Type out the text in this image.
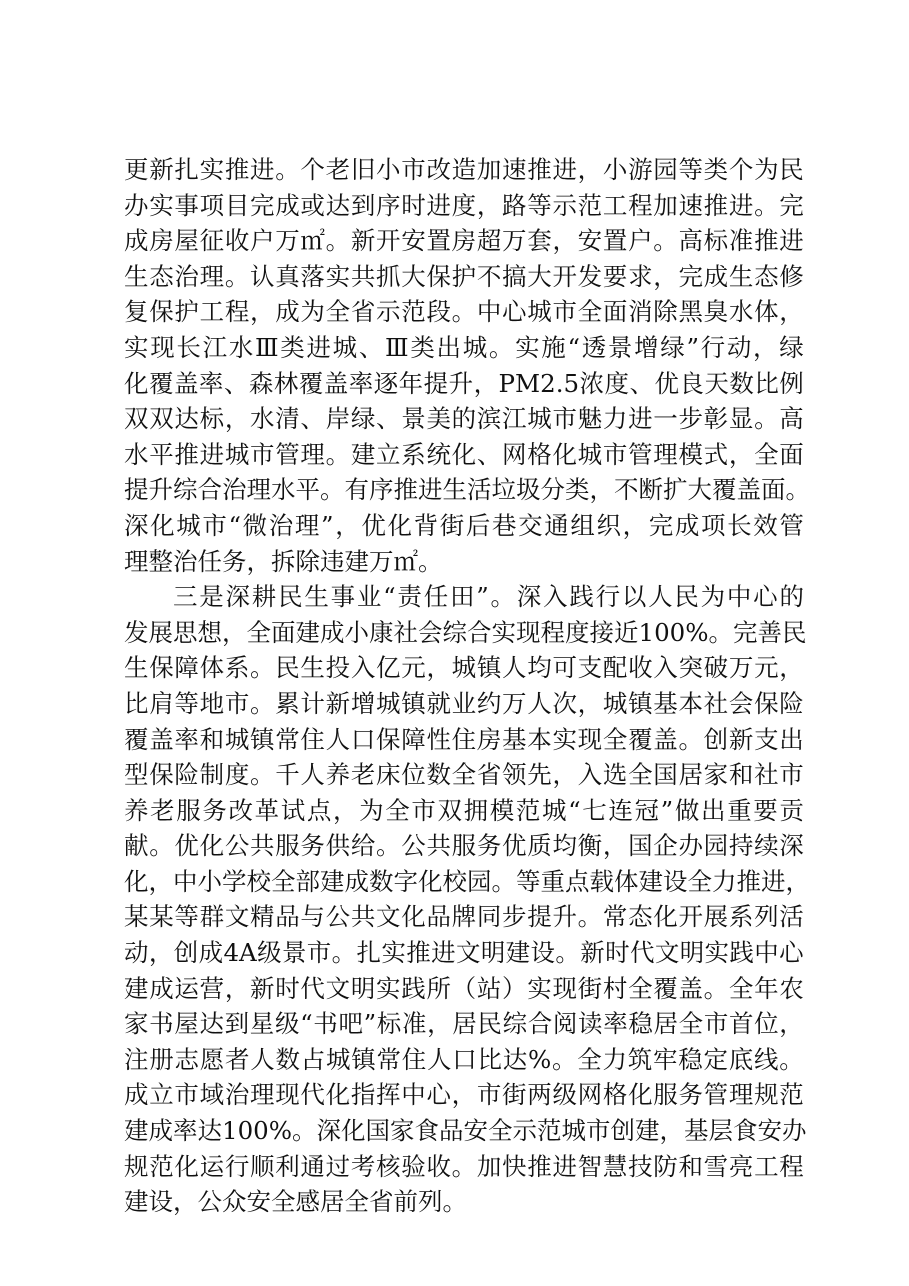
更 新 扎 实 推 进 。 个 老 旧 小 市 改 造 加 速 推 进 ， 小 游 园 等 类 个 为 民
办 实 事 项 目 完 成 或 达 到 序 时 进 度 ， 路 等 示 范 工 程 加 速 推 进 。 完
成 房 屋 征 收 户 万 ㎡ 。 新 开 安 置 房 超 万 套 ， 安 置 户 。 高 标 准 推 进
生 态 治 理 。 认 真 落 实 共 抓 大 保 护 不 搞 大 开 发 要 求 ， 完 成 生 态 修
复 保 护 工 程 ， 成 为 全 省 示 范 段 。 中 心 城 市 全 面 消 除 黑 臭 水 体 ，
实 现 长 江 水 Ⅲ 类 进 城 、 Ⅲ 类 出 城 。 实 施 “ 透 景 增 绿 ” 行 动 ， 绿
化 覆 盖 率 、 森 林 覆 盖 率 逐 年 提 升 ， PM2.5 浓 度 、 优 良 天 数 比 例
双 双 达 标 ， 水 清 、 岸 绿 、 景 美 的 滨 江 城 市 魅 力 进 一 步 彰 显 。 高
水 平 推 进 城 市 管 理 。 建 立 系 统 化 、 网 格 化 城 市 管 理 模 式 ， 全 面
提 升 综 合 治 理 水 平 。 有 序 推 进 生 活 垃 圾 分 类 ， 不 断 扩 大 覆 盖 面 。
深 化 城 市 “ 微 治 理 ” ， 优 化 背 街 后 巷 交 通 组 织 ， 完 成 项 长 效 管
理整治任务，拆除违建万㎡。
三 是 深 耕 民 生 事 业 “ 责 任 田 ” 。 深 入 践 行 以 人 民 为 中 心 的
发 展 思 想 ， 全 面 建 成 小 康 社 会 综 合 实 现 程 度 接 近 100% 。 完 善 民
生 保 障 体 系 。 民 生 投 入 亿 元 ， 城 镇 人 均 可 支 配 收 入 突 破 万 元 ，
比 肩 等 地 市 。 累 计 新 增 城 镇 就 业 约 万 人 次 ， 城 镇 基 本 社 会 保 险
覆 盖 率 和 城 镇 常 住 人 口 保 障 性 住 房 基 本 实 现 全 覆 盖 。 创 新 支 出
型 保 险 制 度 。 千 人 养 老 床 位 数 全 省 领 先 ， 入 选 全 国 居 家 和 社 市
养 老 服 务 改 革 试 点 ， 为 全 市 双 拥 模 范 城 “ 七 连 冠 ” 做 出 重 要 贡
献 。 优 化 公 共 服 务 供 给 。 公 共 服 务 优 质 均 衡 ， 国 企 办 园 持 续 深
化 ， 中 小 学 校 全 部 建 成 数 字 化 校 园 。 等 重 点 载 体 建 设 全 力 推 进 ，
某 某 等 群 文 精 品 与 公 共 文 化 品 牌 同 步 提 升 。 常 态 化 开 展 系 列 活
动 ， 创 成 4A 级 景 市 。 扎 实 推 进 文 明 建 设 。 新 时 代 文 明 实 践 中 心
建 成 运 营 ， 新 时 代 文 明 实 践 所 （ 站 ） 实 现 街 村 全 覆 盖 。 全 年 农
家 书 屋 达 到 星 级 “ 书 吧 ” 标 准 ， 居 民 综 合 阅 读 率 稳 居 全 市 首 位 ，
注 册 志 愿 者 人 数 占 城 镇 常 住 人 口 比 达 % 。 全 力 筑 牢 稳 定 底 线 。
成 立 市 域 治 理 现 代 化 指 挥 中 心 ， 市 街 两 级 网 格 化 服 务 管 理 规 范
建 成 率 达 100% 。 深 化 国 家 食 品 安 全 示 范 城 市 创 建 ， 基 层 食 安 办
规 范 化 运 行 顺 利 通 过 考 核 验 收 。 加 快 推 进 智 慧 技 防 和 雪 亮 工 程
建设，公众安全感居全省前列。
